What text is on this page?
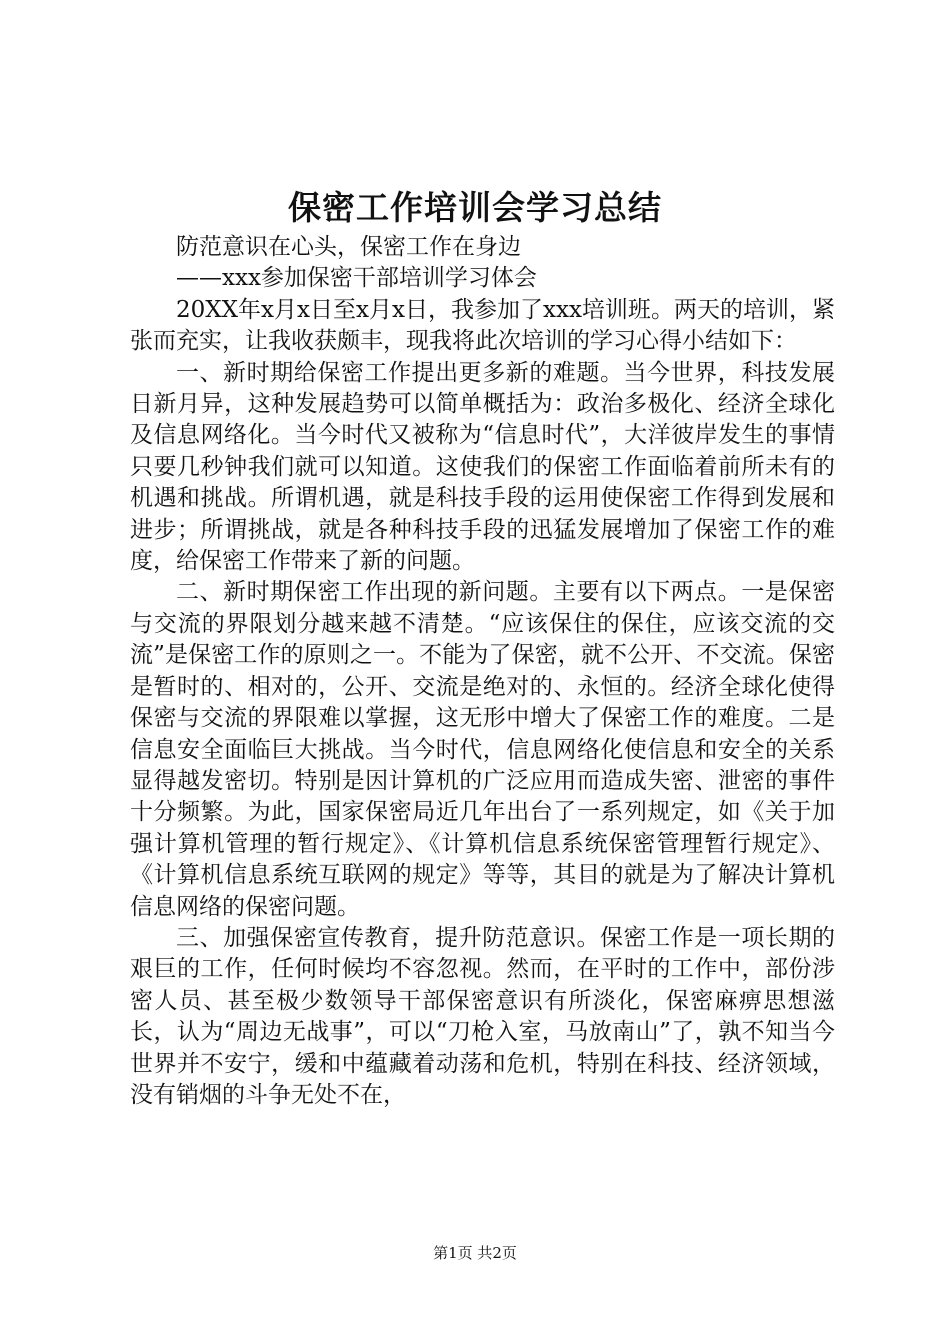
保密工作培训会学习总结

防范意识在心头，保密工作在身边

——xxx参加保密干部培训学习体会

20XX年x月x日至x月x日，我参加了xxx培训班。两天的培训，紧张而充实，让我收获颇丰，现我将此次培训的学习心得小结如下：

一、新时期给保密工作提出更多新的难题。当今世界，科技发展日新月异，这种发展趋势可以简单概括为：政治多极化、经济全球化及信息网络化。当今时代又被称为“信息时代”，大洋彼岸发生的事情只要几秒钟我们就可以知道。这使我们的保密工作面临着前所未有的机遇和挑战。所谓机遇，就是科技手段的运用使保密工作得到发展和进步；所谓挑战，就是各种科技手段的迅猛发展增加了保密工作的难度，给保密工作带来了新的问题。

二、新时期保密工作出现的新问题。主要有以下两点。一是保密与交流的界限划分越来越不清楚。“应该保住的保住，应该交流的交流”是保密工作的原则之一。不能为了保密，就不公开、不交流。保密是暂时的、相对的，公开、交流是绝对的、永恒的。经济全球化使得保密与交流的界限难以掌握，这无形中增大了保密工作的难度。二是信息安全面临巨大挑战。当今时代，信息网络化使信息和安全的关系显得越发密切。特别是因计算机的广泛应用而造成失密、泄密的事件十分频繁。为此，国家保密局近几年出台了一系列规定，如《关于加强计算机管理的暂行规定》、《计算机信息系统保密管理暂行规定》、《计算机信息系统互联网的规定》等等，其目的就是为了解决计算机信息网络的保密问题。

三、加强保密宣传教育，提升防范意识。保密工作是一项长期的艰巨的工作，任何时候均不容忽视。然而，在平时的工作中，部份涉密人员、甚至极少数领导干部保密意识有所淡化，保密麻痹思想滋长，认为“周边无战事”，可以“刀枪入室，马放南山”了，孰不知当今世界并不安宁，缓和中蕴藏着动荡和危机，特别在科技、经济领域，没有销烟的斗争无处不在，

第1页 共2页
